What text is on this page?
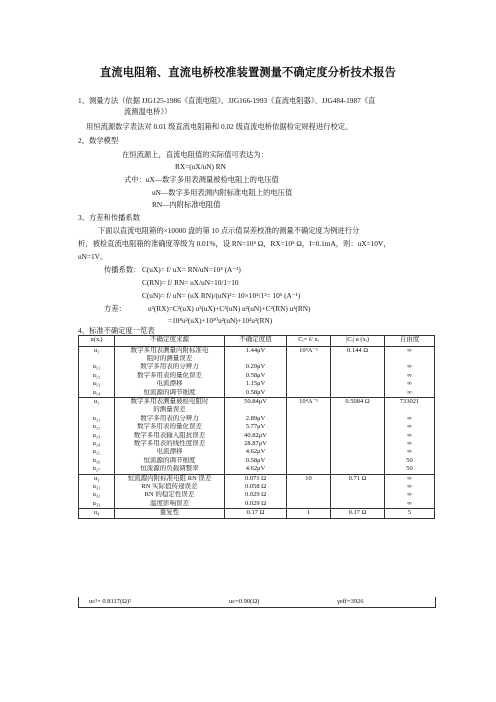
直流电阻箱、直流电桥校准装置测量不确定度分析技术报告
1、测量方法（依据 JJG125-1986《直流电阻》、JJG166-1993《直流电阻器》、JJG484-1987《直
流测温电桥》）
用恒流源数字表法对 0.01 级直流电阻箱和 0.02 级直流电桥依据检定规程进行校定。
2、数学模型
在恒流源上，直流电阻值的实际值可表达为：
RX=(uX/uN) RN
式中：uX—数字多用表测量被检电阻上的电压值
uN—数字多用表测内附标准电阻上的电压值
RN—内附标准电阻值
3、方差和传播系数
下面以直流电阻箱的×10000 盘的第 10 点示值误差校准的测量不确定度为例进行分
析，被检直流电阻箱的准确度等级为 0.01%，设 RN=10⁴ Ω，RX=10⁵ Ω，I=0.1mA，则：uX=10V，
uN=1V。
传播系数： C(uX)= f/ uX= RN/uN=10⁴ (A⁻¹)
C(RN)= f/ RN= uX/uN=10/1=10
C(uN)= f/ uN= (uX RN)/(uN)²= 10×10⁴/1²= 10⁵ (A⁻¹)
方差：	u²(RX)=C²(uX) u²(uX)+C²(uN) u²(uN)+C²(RN) u²(RN)
=10⁸u²(uX)+10¹⁰u²(uN)+10²u²(RN)
4、标准不确定度一览表
u(xᵢ)	不确定度来源	不确定度值	Cᵢ= f/ xᵢ	|Cᵢ| u (xᵢ)	自由度
u₁	数字多用表测量内附标准电	1.44μV	10⁵A⁻¹	0.144 Ω	∞
	阻时的测量误差				
u₁₁	数字多用表的分辨力	0.29μV			∞
u₁₂	数字多用表的量化误差	0.58μV			∞
u₁₃	电流漂移	1.15μV			∞
u₁₄	恒流源的调节细度	0.58μV			∞
u₂	数字多用表测量被检电阻时	50.84μV	10⁴A⁻¹	0.5084 Ω	733021
	的测量误差				
u₂₁	数字多用表的分辨力	2.89μV			∞
u₂₂	数字多用表的量化误差	5.77μV			∞
u₂₃	数字多用表输入阻抗误差	40.82μV			∞
u₂₄	数字多用表的线性度误差	28.87μV			∞
u₂₅	电流漂移	4.62μV			∞
u₂₆	恒流源的调节细度	0.58μV			50
u₂₇	恒流源的负载调整率	4.62μV			50
u₃	恒流源内附标准电阻 RN 误差	0.071 Ω	10	0.71 Ω	∞
u₃₁	RN 实际值传递误差	0.058 Ω			∞
u₃₂	RN 的稳定性误差	0.029 Ω			∞
u₃₃	温度影响误差	0.029 Ω			∞
u₄	重复性	0.17 Ω	1	0.17 Ω	5
uc²= 0.8117(Ω)²	uc=0.90(Ω)	γeff=3926
